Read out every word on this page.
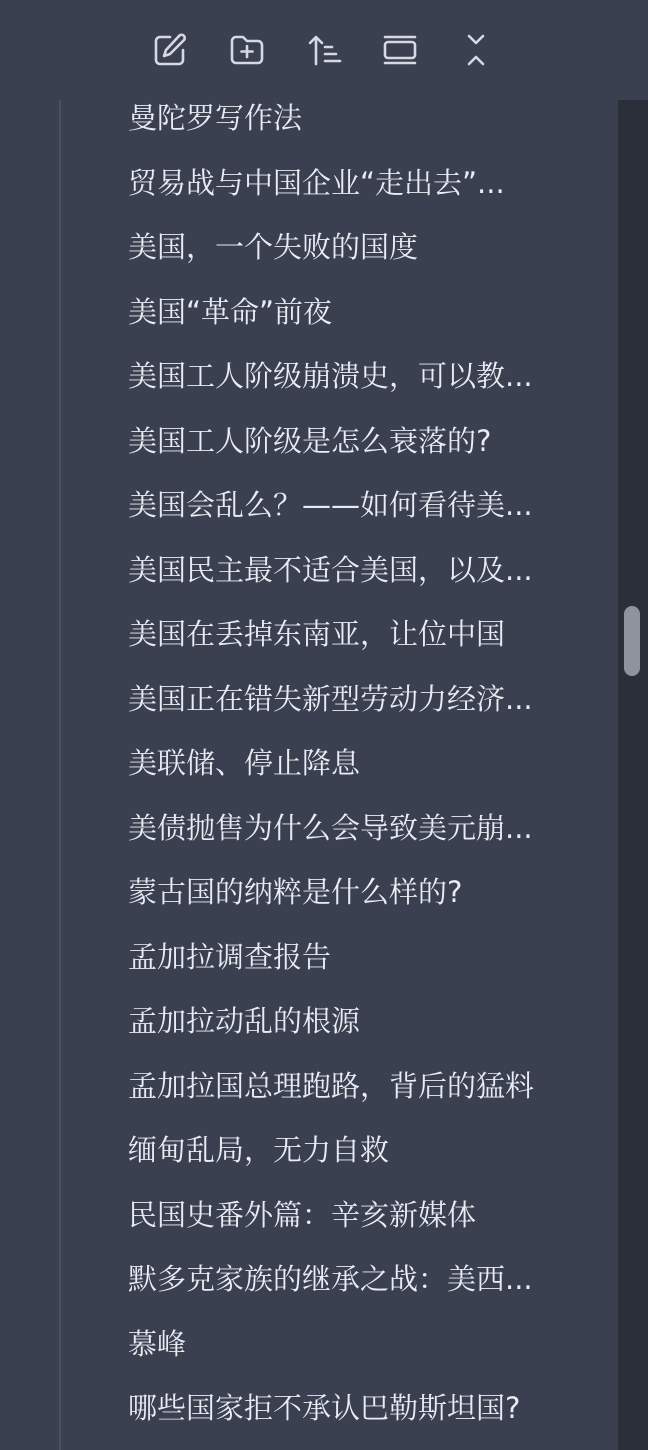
曼陀罗写作法
贸易战与中国企业“走出去”...
美国，一个失败的国度
美国“革命”前夜
美国工人阶级崩溃史，可以教...
美国工人阶级是怎么衰落的?
美国会乱么？——如何看待美...
美国民主最不适合美国，以及...
美国在丢掉东南亚，让位中国
美国正在错失新型劳动力经济...
美联储、停止降息
美债抛售为什么会导致美元崩...
蒙古国的纳粹是什么样的?
孟加拉调查报告
孟加拉动乱的根源
孟加拉国总理跑路，背后的猛料
缅甸乱局，无力自救
民国史番外篇：辛亥新媒体
默多克家族的继承之战：美西...
慕峰
哪些国家拒不承认巴勒斯坦国?
